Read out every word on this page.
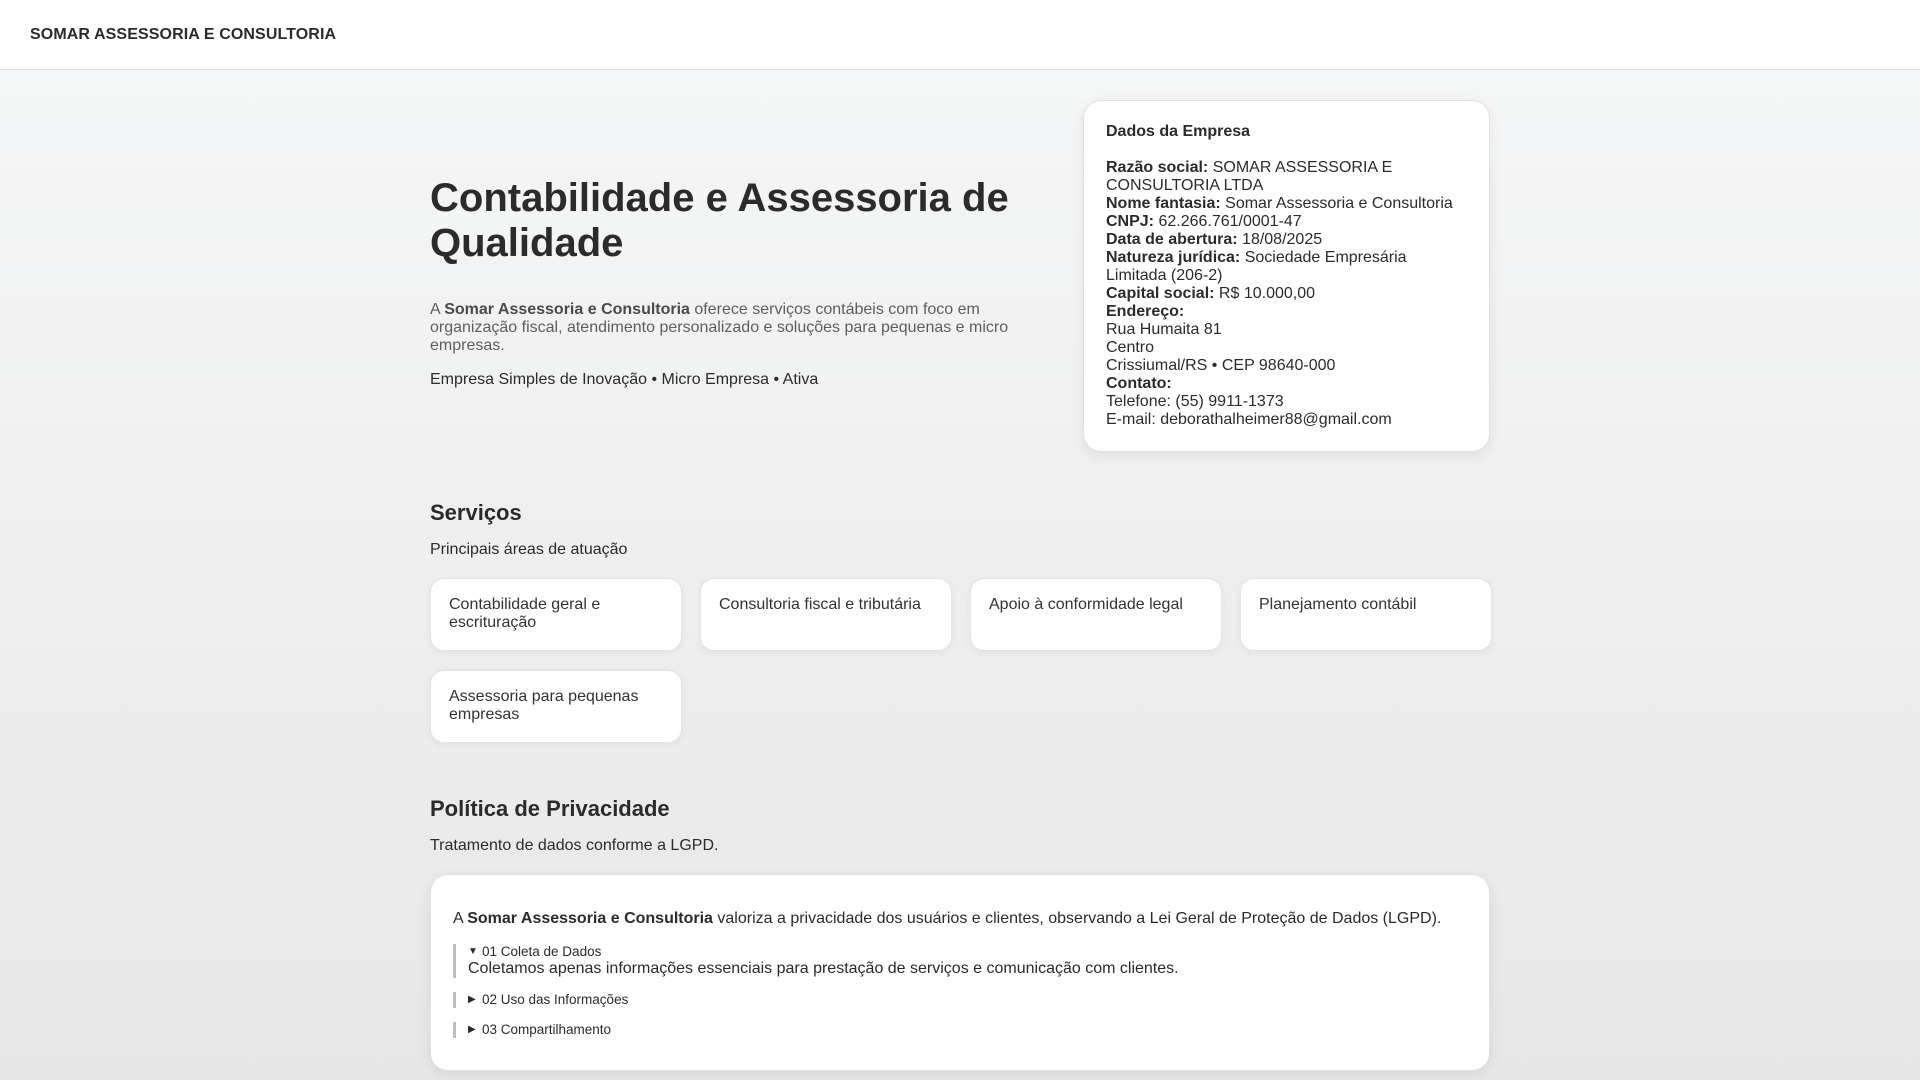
SOMAR ASSESSORIA E CONSULTORIA
Contabilidade e Assessoria de Qualidade

A Somar Assessoria e Consultoria oferece serviços contábeis com foco em organização fiscal, atendimento personalizado e soluções para pequenas e micro empresas.

Empresa Simples de Inovação • Micro Empresa • Ativa

Dados da Empresa
Razão social: SOMAR ASSESSORIA E CONSULTORIA LTDA
Nome fantasia: Somar Assessoria e Consultoria
CNPJ: 62.266.761/0001-47
Data de abertura: 18/08/2025
Natureza jurídica: Sociedade Empresária Limitada (206-2)
Capital social: R$ 10.000,00
Endereço:
Rua Humaita 81
Centro
Crissiumal/RS • CEP 98640-000
Contato:
Telefone: (55) 9911-1373
E-mail: deborathalheimer88@gmail.com
Serviços

Principais áreas de atuação

Contabilidade geral e escrituração
Consultoria fiscal e tributária	Apoio à conformidade legal	Planejamento contábil
Assessoria para pequenas empresas
Política de Privacidade

Tratamento de dados conforme a LGPD.

A Somar Assessoria e Consultoria valoriza a privacidade dos usuários e clientes, observando a Lei Geral de Proteção de Dados (LGPD).

▼ 01 Coleta de Dados
Coletamos apenas informações essenciais para prestação de serviços e comunicação com clientes.
▶ 02 Uso das Informações
▶ 03 Compartilhamento
